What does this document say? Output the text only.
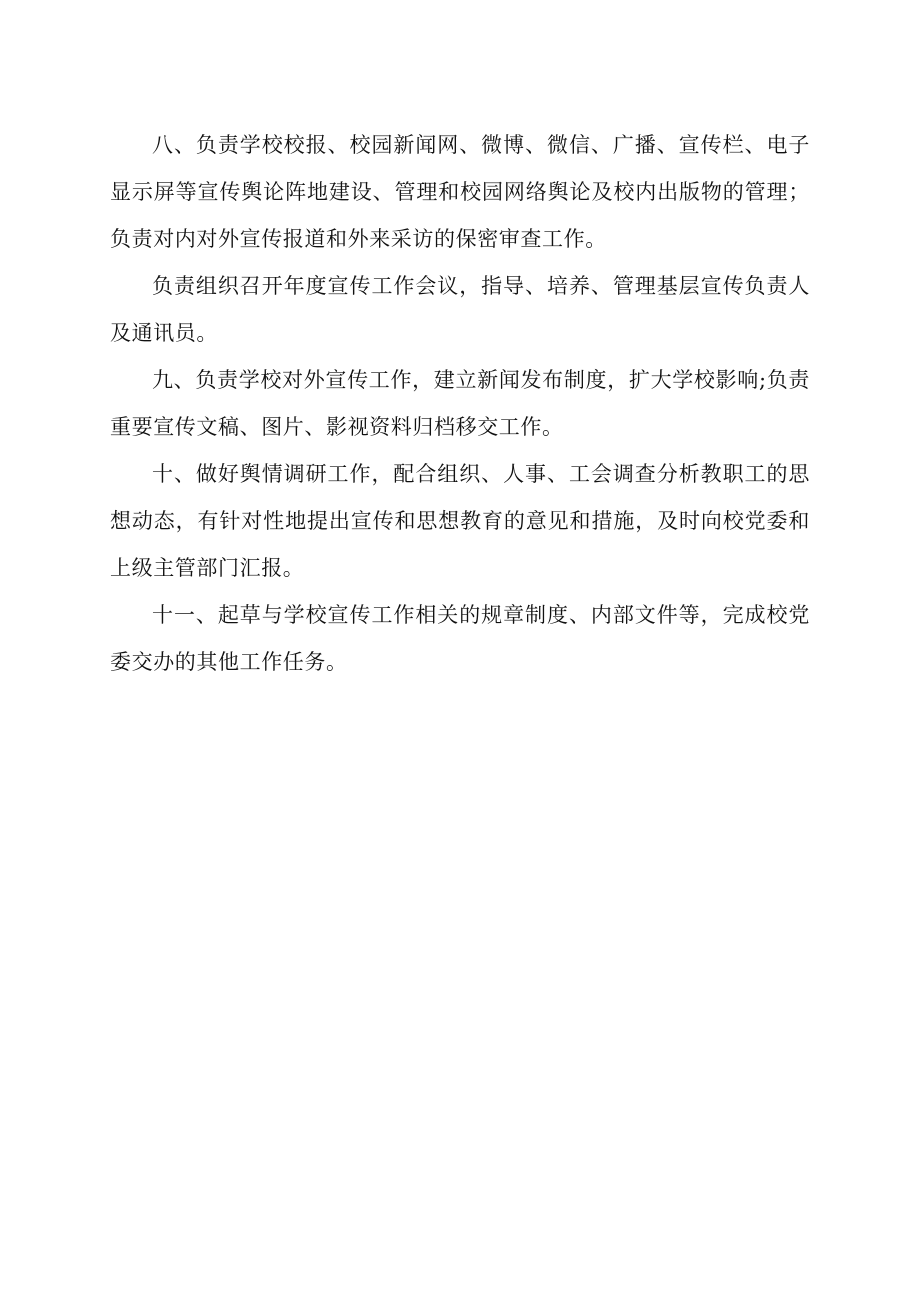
八、负责学校校报、校园新闻网、微博、微信、广播、宣传栏、电子显示屏等宣传舆论阵地建设、管理和校园网络舆论及校内出版物的管理；负责对内对外宣传报道和外来采访的保密审查工作。

负责组织召开年度宣传工作会议，指导、培养、管理基层宣传负责人及通讯员。

九、负责学校对外宣传工作，建立新闻发布制度，扩大学校影响;负责重要宣传文稿、图片、影视资料归档移交工作。

十、做好舆情调研工作，配合组织、人事、工会调查分析教职工的思想动态，有针对性地提出宣传和思想教育的意见和措施，及时向校党委和上级主管部门汇报。

十一、起草与学校宣传工作相关的规章制度、内部文件等，完成校党委交办的其他工作任务。
